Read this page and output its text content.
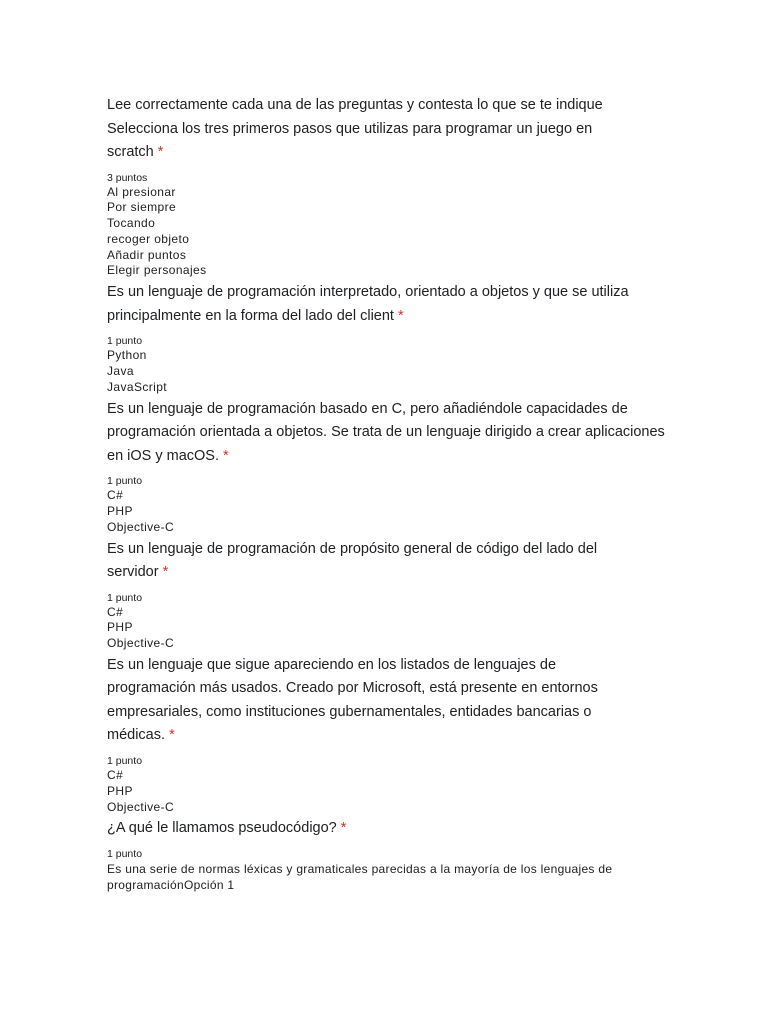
Lee correctamente cada una de las preguntas y contesta lo que se te indique

Selecciona los tres primeros pasos que utilizas para programar un juego en scratch *

3 puntos
Al presionar
Por siempre
Tocando
recoger objeto
Añadir puntos
Elegir personajes

Es un lenguaje de programación interpretado, orientado a objetos y que se utiliza principalmente en la forma del lado del client *

1 punto
Python
Java
JavaScript

Es un lenguaje de programación basado en C, pero añadiéndole capacidades de programación orientada a objetos. Se trata de un lenguaje dirigido a crear aplicaciones en iOS y macOS. *

1 punto
C#
PHP
Objective-C

Es un lenguaje de programación de propósito general de código del lado del servidor *

1 punto
C#
PHP
Objective-C

Es un lenguaje que sigue apareciendo en los listados de lenguajes de programación más usados. Creado por Microsoft, está presente en entornos empresariales, como instituciones gubernamentales, entidades bancarias o médicas. *

1 punto
C#
PHP
Objective-C

¿A qué le llamamos pseudocódigo? *

1 punto
Es una serie de normas léxicas y gramaticales parecidas a la mayoría de los lenguajes de programaciónOpción 1
